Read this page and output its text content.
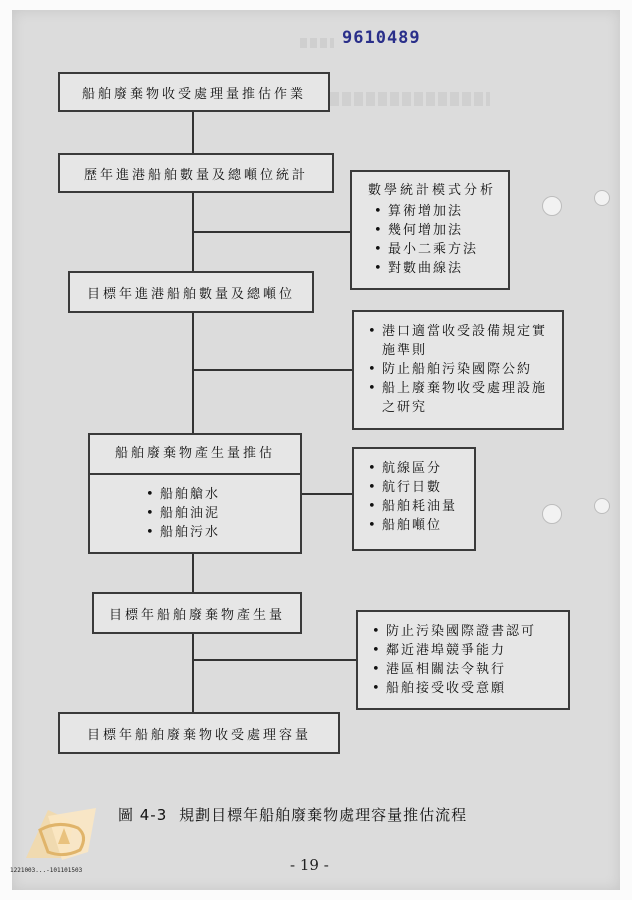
9610489
船舶廢棄物收受處理量推估作業
歷年進港船舶數量及總噸位統計
目標年進港船舶數量及總噸位
船舶廢棄物產生量推估
• 船舶艙水
• 船舶油泥
• 船舶污水
目標年船舶廢棄物產生量
目標年船舶廢棄物收受處理容量
數學統計模式分析
• 算術增加法
• 幾何增加法
• 最小二乘方法
• 對數曲線法
• 港口適當收受設備規定實施準則
• 防止船舶污染國際公約
• 船上廢棄物收受處理設施之研究
• 航線區分
• 航行日數
• 船舶耗油量
• 船舶噸位
• 防止污染國際證書認可
• 鄰近港埠競爭能力
• 港區相關法令執行
• 船舶接受收受意願
圖 4-3 規劃目標年船舶廢棄物處理容量推估流程
- 19 -
1221003...-101101503
